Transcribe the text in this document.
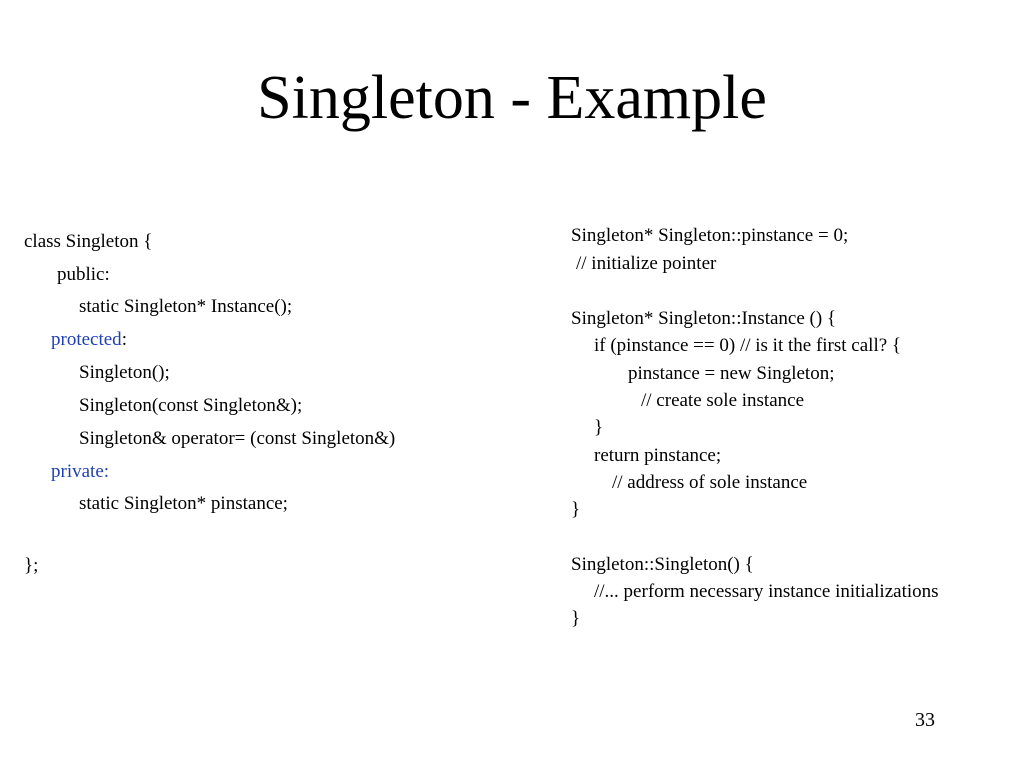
Singleton - Example
class Singleton {
public:
static Singleton* Instance();
protected:
Singleton();
Singleton(const Singleton&);
Singleton& operator= (const Singleton&)
private:
static Singleton* pinstance;
};
Singleton* Singleton::pinstance = 0;
// initialize pointer
Singleton* Singleton::Instance () {
if (pinstance == 0) // is it the first call? {
pinstance = new Singleton;
// create sole instance
}
return pinstance;
// address of sole instance
}
Singleton::Singleton() {
//... perform necessary instance initializations
}
33
